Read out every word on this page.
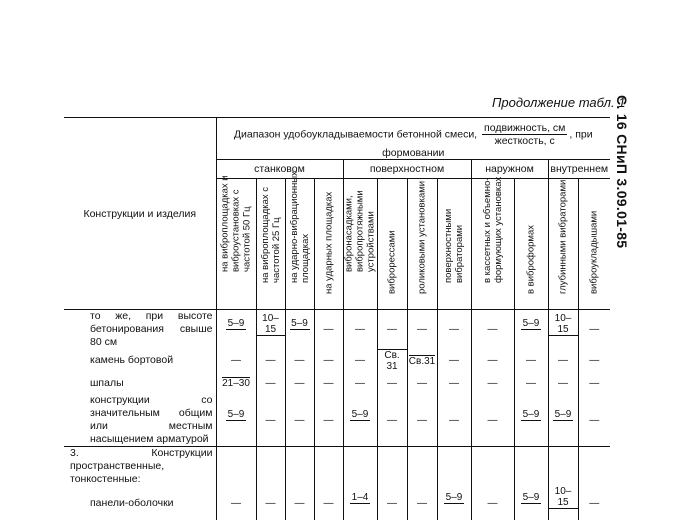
С. 16 СНиП 3.09.01-85
Продолжение табл. 1
Конструкции и изделия	Диапазон удобоукладываемости бетонной смеси, $\frac{\text{подвижность, см}}{\text{жесткость, с}}$ , при формовании											
	станковом				поверхностном				наружном		внутреннем	

	на виброплощадках и виброустановках с частотой 50 Гц	на виброплощадках с частотой 25 Гц	на ударно-вибрационных площадках	на ударных площадках	вибронасадками, вибропротяжными устройствами	виброрессами	роликовыми установками	поверхностными вибраторами	в кассетных и объемно-формующих установках	в виброформах	глубинными вибраторами	виброукладышами

то же, при высоте бетонирования свыше 80 см	5–9	10–15	5–9	—	—	—	—	—	—	5–9	10–15	—
камень бортовой	—	—	—	—	—	Св. 31	Св.31	—	—	—	—	—
шпалы	21–30	—	—	—	—	—	—	—	—	—	—	—
конструкции со значительным общим или местным насыщением арматурой	5–9	—	—	—	5–9	—	—	—	—	5–9	5–9	—
3. Конструкции пространственные, тонкостенные:												
панели-оболочки	—	—	—	—	1–4	—	—	5–9	—	5–9	10–15	—
